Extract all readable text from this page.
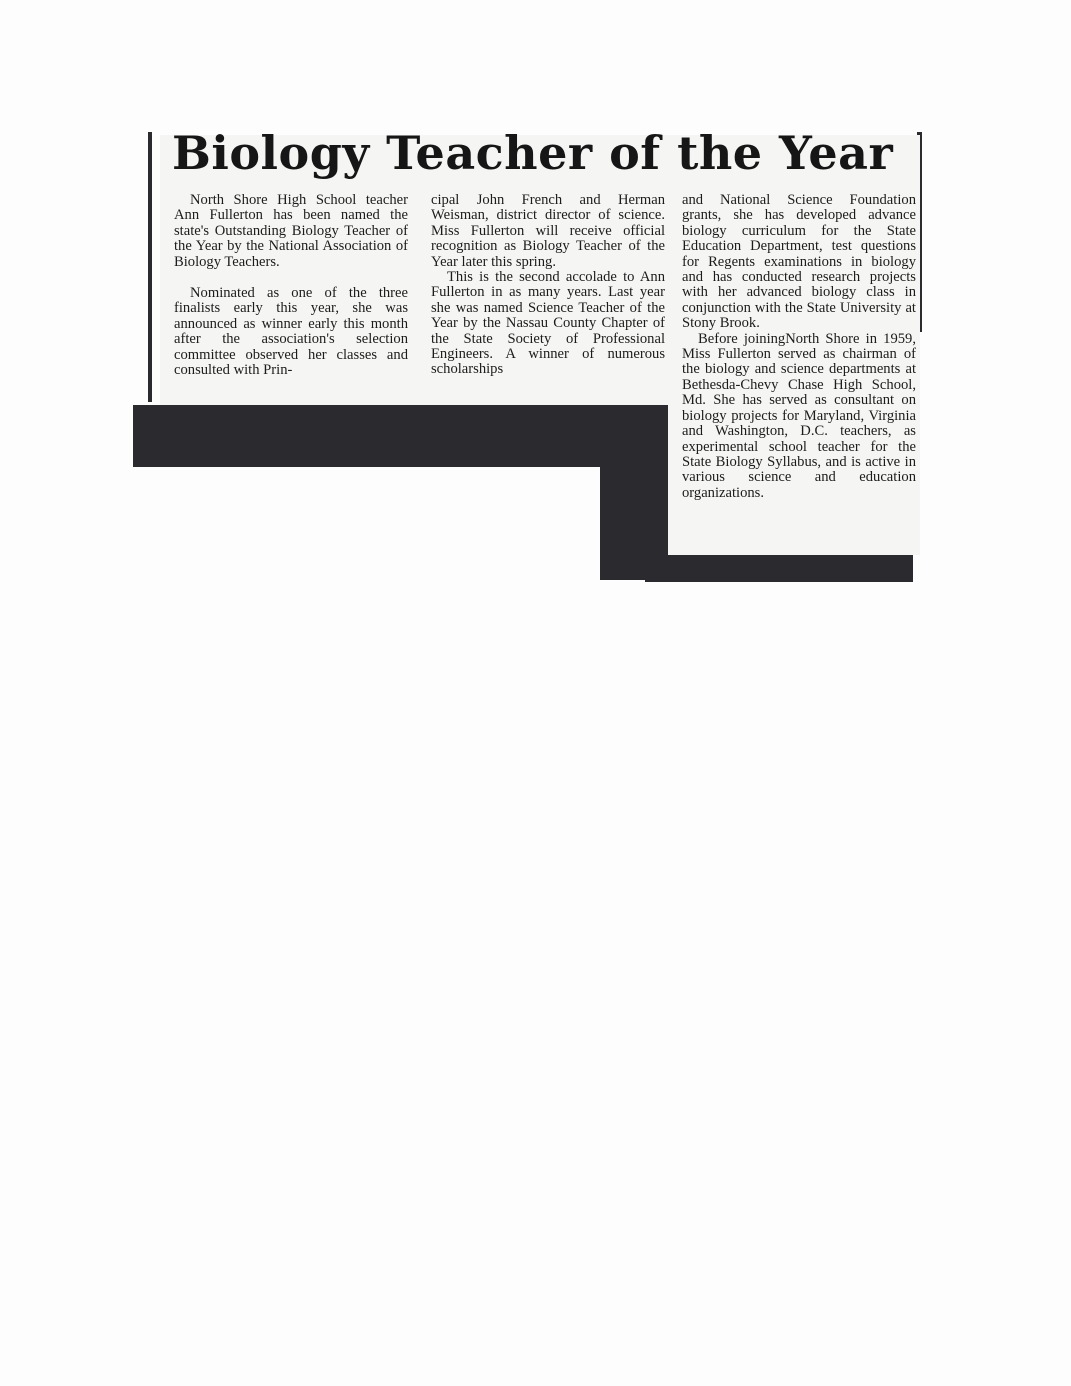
Biology Teacher of the Year

North Shore High School teacher Ann Fullerton has been named the state's Outstanding Biology Teacher of the Year by the National Association of Biology Teachers.

Nominated as one of the three finalists early this year, she was announced as winner early this month after the association's selection committee observed her classes and consulted with Prin-

cipal John French and Herman Weisman, district director of science. Miss Fullerton will receive official recognition as Biology Teacher of the Year later this spring.

This is the second accolade to Ann Fullerton in as many years. Last year she was named Science Teacher of the Year by the Nassau County Chapter of the State Society of Professional Engineers. A winner of numerous scholarships

and National Science Foundation grants, she has developed advance biology curriculum for the State Education Department, test questions for Regents examinations in biology and has conducted research projects with her advanced biology class in conjunction with the State University at Stony Brook.

Before joiningNorth Shore in 1959, Miss Fullerton served as chairman of the biology and science departments at Bethesda-Chevy Chase High School, Md. She has served as consultant on biology projects for Maryland, Virginia and Washington, D.C. teachers, as experimental school teacher for the State Biology Syllabus, and is active in various science and education organizations.
